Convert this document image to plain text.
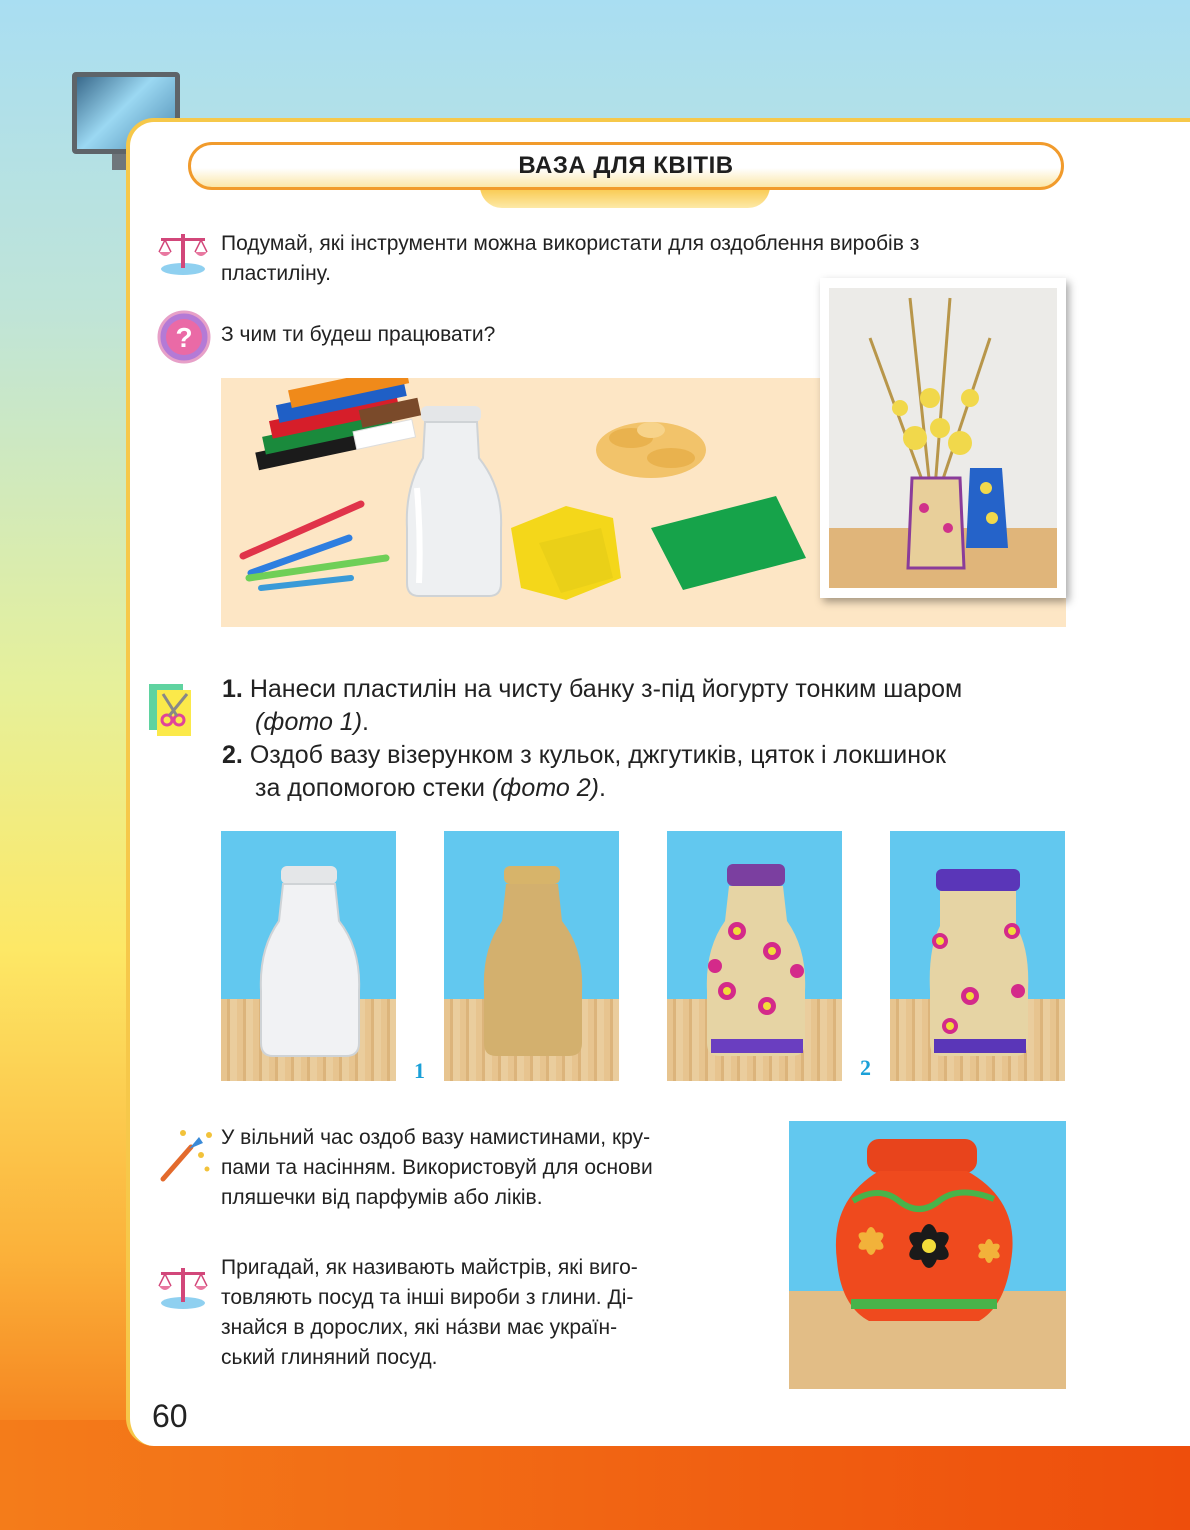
ВАЗА ДЛЯ КВІТІВ
Подумай, які інструменти можна використати для оздоблення виробів з
пластиліну.
? З чим ти будеш працювати?
1. Нанеси пластилін на чисту банку з-під йогурту тонким шаром
(фото 1).
2. Оздоб вазу візерунком з кульок, джгутиків, цяток і локшинок
за допомогою стеки (фото 2).
1	2
У вільний час оздоб вазу намистинами, кру-
пами та насінням. Використовуй для основи
пляшечки від парфумів або ліків.
Пригадай, як називають майстрів, які виго-
товляють посуд та інші вироби з глини. Ді-
знайся в дорослих, які на́зви має україн-
ський глиняний посуд.
60
